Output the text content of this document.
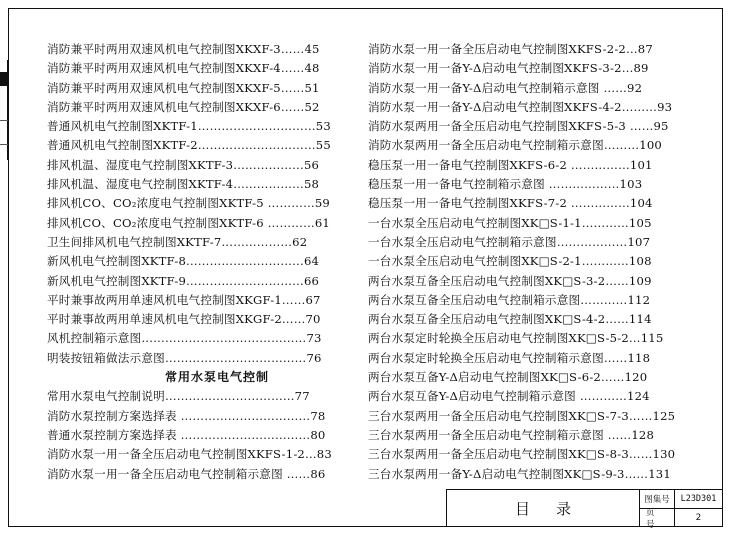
消防兼平时两用双速风机电气控制图XKXF-3……45
消防兼平时两用双速风机电气控制图XKXF-4……48
消防兼平时两用双速风机电气控制图XKXF-5……51
消防兼平时两用双速风机电气控制图XKXF-6……52
普通风机电气控制图XKTF-1…………………………53
普通风机电气控制图XKTF-2…………………………55
排风机温、湿度电气控制图XKTF-3………………56
排风机温、湿度电气控制图XKTF-4………………58
排风机CO、CO₂浓度电气控制图XKTF-5 …………59
排风机CO、CO₂浓度电气控制图XKTF-6 …………61
卫生间排风机电气控制图XKTF-7………………62
新风机电气控制图XKTF-8…………………………64
新风机电气控制图XKTF-9…………………………66
平时兼事故两用单速风机电气控制图XKGF-1……67
平时兼事故两用单速风机电气控制图XKGF-2……70
风机控制箱示意图……………………………………73
明装按钮箱做法示意图………………………………76
常用水泵电气控制
常用水泵电气控制说明……………………………77
消防水泵控制方案选择表 ……………………………78
普通水泵控制方案选择表 ……………………………80
消防水泵一用一备全压启动电气控制图XKFS-1-2…83
消防水泵一用一备全压启动电气控制箱示意图 ……86
消防水泵一用一备全压启动电气控制图XKFS-2-2…87
消防水泵一用一备Y-Δ启动电气控制图XKFS-3-2…89
消防水泵一用一备Y-Δ启动电气控制箱示意图 ……92
消防水泵一用一备Y-Δ启动电气控制图XKFS-4-2………93
消防水泵两用一备全压启动电气控制图XKFS-5-3 ……95
消防水泵两用一备全压启动电气控制箱示意图………100
稳压泵一用一备电气控制图XKFS-6-2 ……………101
稳压泵一用一备电气控制箱示意图 ………………103
稳压泵一用一备电气控制图XKFS-7-2 ……………104
一台水泵全压启动电气控制图XK□S-1-1…………105
一台水泵全压启动电气控制箱示意图………………107
一台水泵全压启动电气控制图XK□S-2-1…………108
两台水泵互备全压启动电气控制图XK□S-3-2……109
两台水泵互备全压启动电气控制箱示意图…………112
两台水泵互备全压启动电气控制图XK□S-4-2……114
两台水泵定时轮换全压启动电气控制图XK□S-5-2…115
两台水泵定时轮换全压启动电气控制箱示意图……118
两台水泵互备Y-Δ启动电气控制图XK□S-6-2……120
两台水泵互备Y-Δ启动电气控制箱示意图 …………124
三台水泵两用一备全压启动电气控制图XK□S-7-3……125
三台水泵两用一备全压启动电气控制箱示意图 ……128
三台水泵两用一备全压启动电气控制图XK□S-8-3……130
三台水泵两用一备Y-Δ启动电气控制图XK□S-9-3……131
目录	图集号	L23D301
页号
2
